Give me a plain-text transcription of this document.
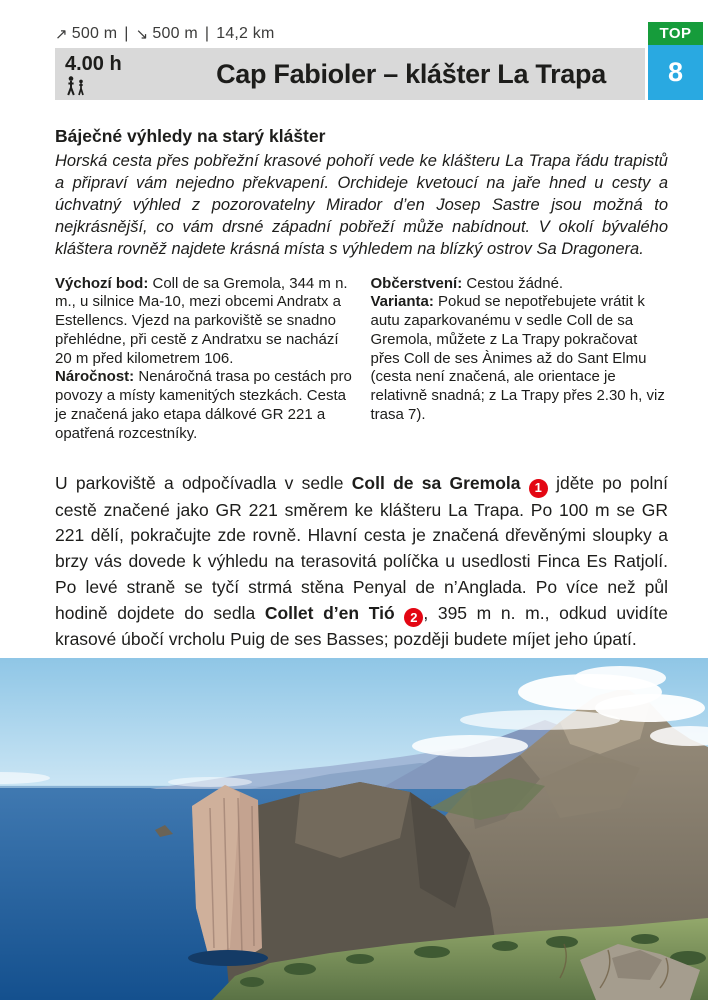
↗ 500 m | ↘ 500 m | 14,2 km
4.00 h	Cap Fabioler – klášter La Trapa
TOP
8
Báječné výhledy na starý klášter

Horská cesta přes pobřežní krasové pohoří vede ke klášteru La Trapa řádu trapistů a připraví vám nejedno překvapení. Orchideje kvetoucí na jaře hned u cesty a úchvatný výhled z pozorovatelny Mirador d’en Josep Sastre jsou možná to nejkrásnější, co vám drsné západní pobřeží může nabídnout. V okolí bývalého kláštera rovněž najdete krásná místa s výhledem na blízký ostrov Sa Dragonera.

Výchozí bod: Coll de sa Gremola, 344 m n. m., u silnice Ma-10, mezi obcemi Andratx a Estellencs. Vjezd na parkoviště se snadno přehlédne, při cestě z Andratxu se nachází 20 m před kilometrem 106.

Náročnost: Nenáročná trasa po cestách pro povozy a místy kamenitých stezkách. Cesta je značená jako etapa dálkové GR 221 a opatřená rozcestníky.

Občerstvení: Cestou žádné.

Varianta: Pokud se nepotřebujete vrátit k autu zaparkovanému v sedle Coll de sa Gremola, můžete z La Trapy pokračovat přes Coll de ses Ànimes až do Sant Elmu (cesta není značená, ale orientace je relativně snadná; z La Trapy přes 2.30 h, viz trasa 7).

U parkoviště a odpočívadla v sedle Coll de sa Gremola 1 jděte po polní cestě značené jako GR 221 směrem ke klášteru La Trapa. Po 100 m se GR 221 dělí, pokračujte zde rovně. Hlavní cesta je značená dřevěnými sloupky a brzy vás dovede k výhledu na terasovitá políčka u usedlosti Finca Es Ratjolí. Po levé straně se tyčí strmá stěna Penyal de n’Anglada. Po více než půl hodině dojdete do sedla Collet d’en Tió 2 , 395 m n. m., odkud uvidíte krasové úbočí vrcholu Puig de ses Basses; později budete míjet jeho úpatí.
